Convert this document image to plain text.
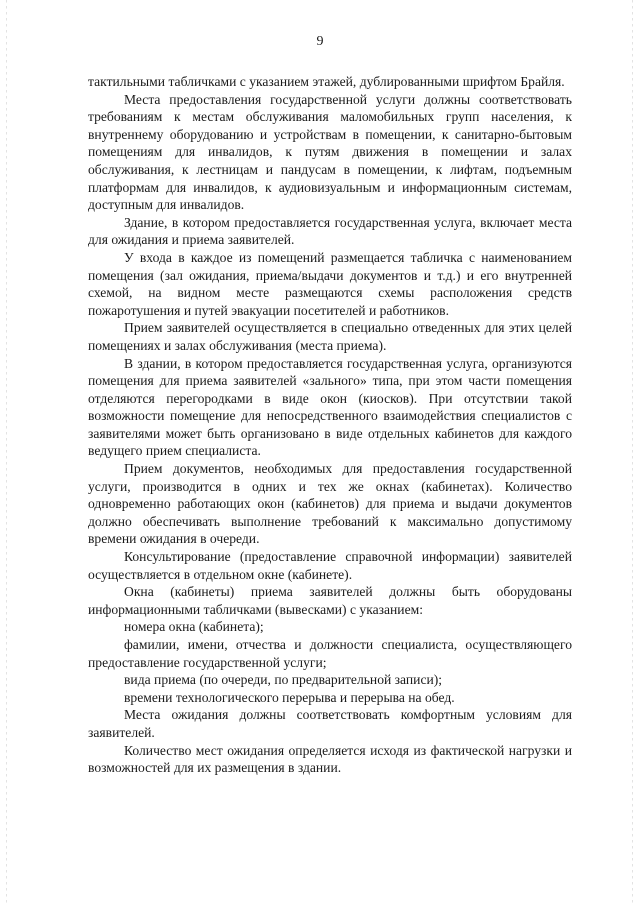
9

тактильными табличками с указанием этажей, дублированными шрифтом Брайля.

Места предоставления государственной услуги должны соответствовать требованиям к местам обслуживания маломобильных групп населения, к внутреннему оборудованию и устройствам в помещении, к санитарно-бытовым помещениям для инвалидов, к путям движения в помещении и залах обслуживания, к лестницам и пандусам в помещении, к лифтам, подъемным платформам для инвалидов, к аудиовизуальным и информационным системам, доступным для инвалидов.

Здание, в котором предоставляется государственная услуга, включает места для ожидания и приема заявителей.

У входа в каждое из помещений размещается табличка с наименованием помещения (зал ожидания, приема/выдачи документов и т.д.) и его внутренней схемой, на видном месте размещаются схемы расположения средств пожаротушения и путей эвакуации посетителей и работников.

Прием заявителей осуществляется в специально отведенных для этих целей помещениях и залах обслуживания (места приема).

В здании, в котором предоставляется государственная услуга, организуются помещения для приема заявителей «зального» типа, при этом части помещения отделяются перегородками в виде окон (киосков). При отсутствии такой возможности помещение для непосредственного взаимодействия специалистов с заявителями может быть организовано в виде отдельных кабинетов для каждого ведущего прием специалиста.

Прием документов, необходимых для предоставления государственной услуги, производится в одних и тех же окнах (кабинетах). Количество одновременно работающих окон (кабинетов) для приема и выдачи документов должно обеспечивать выполнение требований к максимально допустимому времени ожидания в очереди.

Консультирование (предоставление справочной информации) заявителей осуществляется в отдельном окне (кабинете).

Окна (кабинеты) приема заявителей должны быть оборудованы информационными табличками (вывесками) с указанием:

номера окна (кабинета);

фамилии, имени, отчества и должности специалиста, осуществляющего предоставление государственной услуги;

вида приема (по очереди, по предварительной записи);

времени технологического перерыва и перерыва на обед.

Места ожидания должны соответствовать комфортным условиям для заявителей.

Количество мест ожидания определяется исходя из фактической нагрузки и возможностей для их размещения в здании.
